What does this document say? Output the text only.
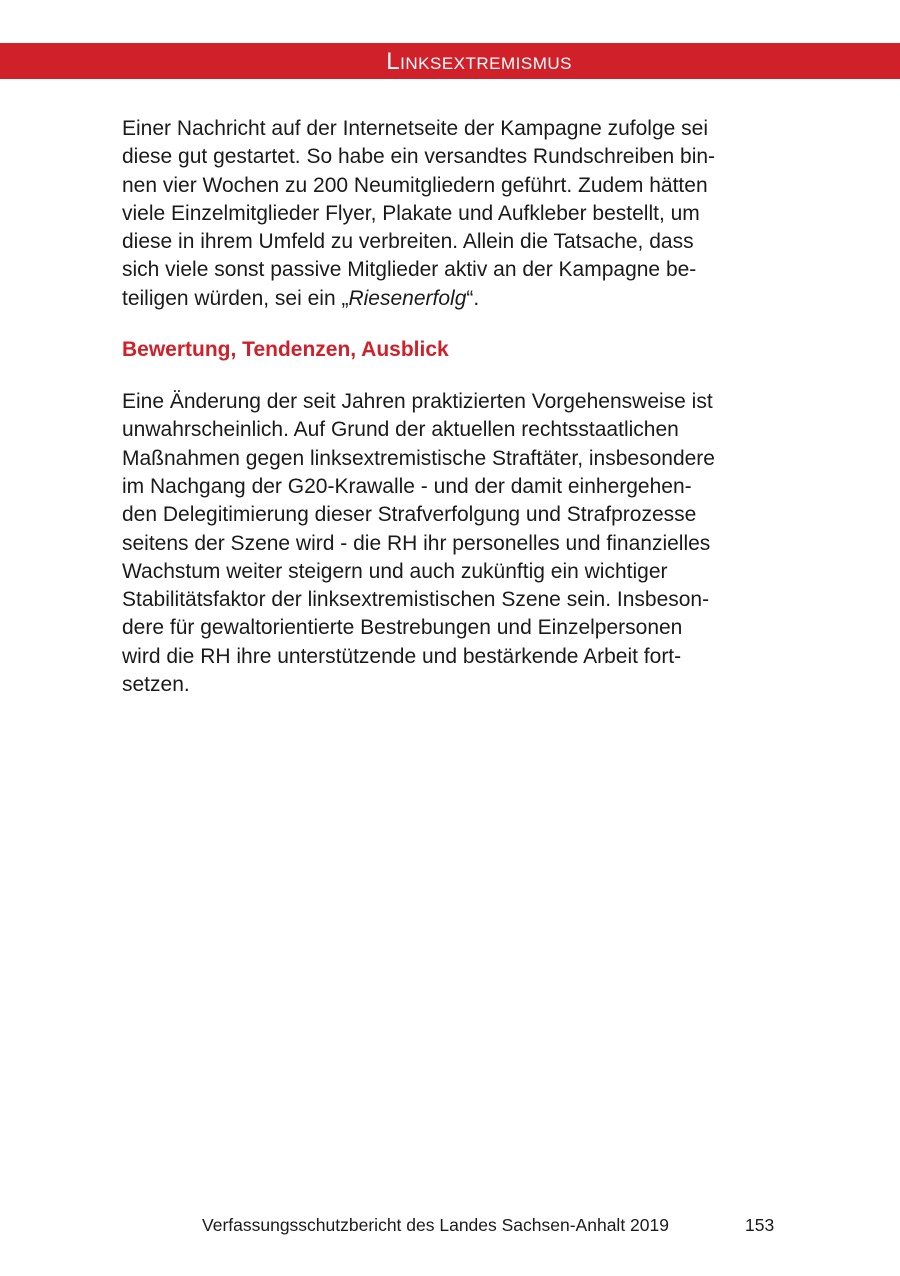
Linksextremismus

Einer Nachricht auf der Internetseite der Kampagne zufolge sei
diese gut gestartet. So habe ein versandtes Rundschreiben bin-
nen vier Wochen zu 200 Neumitgliedern geführt. Zudem hätten
viele Einzelmitglieder Flyer, Plakate und Aufkleber bestellt, um
diese in ihrem Umfeld zu verbreiten. Allein die Tatsache, dass
sich viele sonst passive Mitglieder aktiv an der Kampagne be-
teiligen würden, sei ein „Riesenerfolg“.

Bewertung, Tendenzen, Ausblick

Eine Änderung der seit Jahren praktizierten Vorgehensweise ist
unwahrscheinlich. Auf Grund der aktuellen rechtsstaatlichen
Maßnahmen gegen linksextremistische Straftäter, insbesondere
im Nachgang der G20-Krawalle - und der damit einhergehen-
den Delegitimierung dieser Strafverfolgung und Strafprozesse
seitens der Szene wird - die RH ihr personelles und finanzielles
Wachstum weiter steigern und auch zukünftig ein wichtiger
Stabilitätsfaktor der linksextremistischen Szene sein. Insbeson-
dere für gewaltorientierte Bestrebungen und Einzelpersonen
wird die RH ihre unterstützende und bestärkende Arbeit fort-
setzen.

Verfassungsschutzbericht des Landes Sachsen-Anhalt 2019	153
